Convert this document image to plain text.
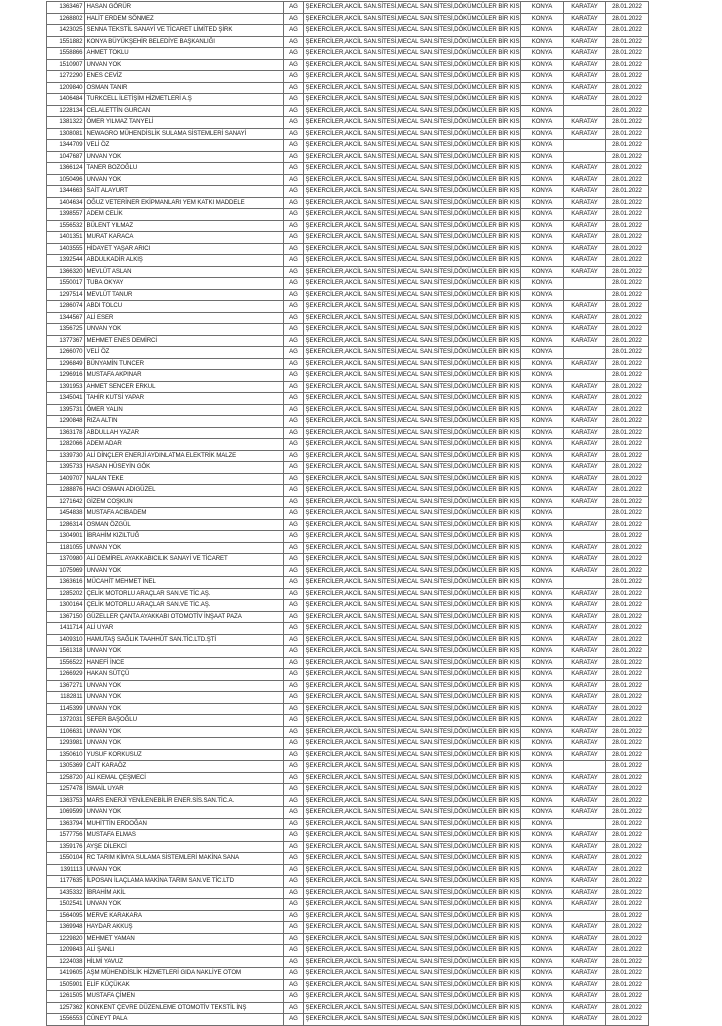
1363467	HASAN GÖRÜR	AG	ŞEKERCİLER,AKCİL SAN.SİTESİ,MECAL SAN.SİTESİ,DÖKÜMCÜLER BİR KIS	KONYA	KARATAY	28.01.2022
1268802	HALİT ERDEM SÖNMEZ	AG	ŞEKERCİLER,AKCİL SAN.SİTESİ,MECAL SAN.SİTESİ,DÖKÜMCÜLER BİR KIS	KONYA	KARATAY	28.01.2022
1423025	SENNA TEKSTİL SANAYİ VE TİCARET LİMİTED ŞİRK	AG	ŞEKERCİLER,AKCİL SAN.SİTESİ,MECAL SAN.SİTESİ,DÖKÜMCÜLER BİR KIS	KONYA	KARATAY	28.01.2022
1551882	KONYA BÜYÜKŞEHİR BELEDİYE BAŞKANLIĞI	AG	ŞEKERCİLER,AKCİL SAN.SİTESİ,MECAL SAN.SİTESİ,DÖKÜMCÜLER BİR KIS	KONYA	KARATAY	28.01.2022
1558866	AHMET TOKLU	AG	ŞEKERCİLER,AKCİL SAN.SİTESİ,MECAL SAN.SİTESİ,DÖKÜMCÜLER BİR KIS	KONYA	KARATAY	28.01.2022
1510907	UNVAN YOK	AG	ŞEKERCİLER,AKCİL SAN.SİTESİ,MECAL SAN.SİTESİ,DÖKÜMCÜLER BİR KIS	KONYA	KARATAY	28.01.2022
1272290	ENES CEVİZ	AG	ŞEKERCİLER,AKCİL SAN.SİTESİ,MECAL SAN.SİTESİ,DÖKÜMCÜLER BİR KIS	KONYA	KARATAY	28.01.2022
1209840	OSMAN TANIR	AG	ŞEKERCİLER,AKCİL SAN.SİTESİ,MECAL SAN.SİTESİ,DÖKÜMCÜLER BİR KIS	KONYA	KARATAY	28.01.2022
1406484	TURKCELL İLETİŞİM HİZMETLERİ A.Ş	AG	ŞEKERCİLER,AKCİL SAN.SİTESİ,MECAL SAN.SİTESİ,DÖKÜMCÜLER BİR KIS	KONYA	KARATAY	28.01.2022
1228134	CELALETTİN GURCAN	AG	ŞEKERCİLER,AKCİL SAN.SİTESİ,MECAL SAN.SİTESİ,DÖKÜMCÜLER BİR KIS	KONYA		28.01.2022
1381322	ÖMER YILMAZ TANYELİ	AG	ŞEKERCİLER,AKCİL SAN.SİTESİ,MECAL SAN.SİTESİ,DÖKÜMCÜLER BİR KIS	KONYA	KARATAY	28.01.2022
1308081	NEWAGRO MÜHENDİSLİK SULAMA SİSTEMLERİ SANAYİ	AG	ŞEKERCİLER,AKCİL SAN.SİTESİ,MECAL SAN.SİTESİ,DÖKÜMCÜLER BİR KIS	KONYA	KARATAY	28.01.2022
1344709	VELİ ÖZ	AG	ŞEKERCİLER,AKCİL SAN.SİTESİ,MECAL SAN.SİTESİ,DÖKÜMCÜLER BİR KIS	KONYA		28.01.2022
1047687	UNVAN YOK	AG	ŞEKERCİLER,AKCİL SAN.SİTESİ,MECAL SAN.SİTESİ,DÖKÜMCÜLER BİR KIS	KONYA		28.01.2022
1366124	TANER BOZOĞLU	AG	ŞEKERCİLER,AKCİL SAN.SİTESİ,MECAL SAN.SİTESİ,DÖKÜMCÜLER BİR KIS	KONYA	KARATAY	28.01.2022
1050496	UNVAN YOK	AG	ŞEKERCİLER,AKCİL SAN.SİTESİ,MECAL SAN.SİTESİ,DÖKÜMCÜLER BİR KIS	KONYA	KARATAY	28.01.2022
1344663	SAİT ALAYURT	AG	ŞEKERCİLER,AKCİL SAN.SİTESİ,MECAL SAN.SİTESİ,DÖKÜMCÜLER BİR KIS	KONYA	KARATAY	28.01.2022
1404634	OĞUZ VETERİNER EKİPMANLARI YEM KATKI MADDELE	AG	ŞEKERCİLER,AKCİL SAN.SİTESİ,MECAL SAN.SİTESİ,DÖKÜMCÜLER BİR KIS	KONYA	KARATAY	28.01.2022
1398557	ADEM CELİK	AG	ŞEKERCİLER,AKCİL SAN.SİTESİ,MECAL SAN.SİTESİ,DÖKÜMCÜLER BİR KIS	KONYA	KARATAY	28.01.2022
1556532	BÜLENT YILMAZ	AG	ŞEKERCİLER,AKCİL SAN.SİTESİ,MECAL SAN.SİTESİ,DÖKÜMCÜLER BİR KIS	KONYA	KARATAY	28.01.2022
1401351	MURAT KARACA	AG	ŞEKERCİLER,AKCİL SAN.SİTESİ,MECAL SAN.SİTESİ,DÖKÜMCÜLER BİR KIS	KONYA	KARATAY	28.01.2022
1403555	HİDAYET YAŞAR ARICI	AG	ŞEKERCİLER,AKCİL SAN.SİTESİ,MECAL SAN.SİTESİ,DÖKÜMCÜLER BİR KIS	KONYA	KARATAY	28.01.2022
1392544	ABDULKADİR ALKIŞ	AG	ŞEKERCİLER,AKCİL SAN.SİTESİ,MECAL SAN.SİTESİ,DÖKÜMCÜLER BİR KIS	KONYA	KARATAY	28.01.2022
1366320	MEVLÜT ASLAN	AG	ŞEKERCİLER,AKCİL SAN.SİTESİ,MECAL SAN.SİTESİ,DÖKÜMCÜLER BİR KIS	KONYA	KARATAY	28.01.2022
1550017	TUBA OKYAY	AG	ŞEKERCİLER,AKCİL SAN.SİTESİ,MECAL SAN.SİTESİ,DÖKÜMCÜLER BİR KIS	KONYA		28.01.2022
1297514	MEVLÜT TANUR	AG	ŞEKERCİLER,AKCİL SAN.SİTESİ,MECAL SAN.SİTESİ,DÖKÜMCÜLER BİR KIS	KONYA		28.01.2022
1286074	ABDI TOLCU	AG	ŞEKERCİLER,AKCİL SAN.SİTESİ,MECAL SAN.SİTESİ,DÖKÜMCÜLER BİR KIS	KONYA	KARATAY	28.01.2022
1344567	ALİ ESER	AG	ŞEKERCİLER,AKCİL SAN.SİTESİ,MECAL SAN.SİTESİ,DÖKÜMCÜLER BİR KIS	KONYA	KARATAY	28.01.2022
1356725	UNVAN YOK	AG	ŞEKERCİLER,AKCİL SAN.SİTESİ,MECAL SAN.SİTESİ,DÖKÜMCÜLER BİR KIS	KONYA	KARATAY	28.01.2022
1377367	MEHMET ENES DEMİRCİ	AG	ŞEKERCİLER,AKCİL SAN.SİTESİ,MECAL SAN.SİTESİ,DÖKÜMCÜLER BİR KIS	KONYA	KARATAY	28.01.2022
1266070	VELİ ÖZ	AG	ŞEKERCİLER,AKCİL SAN.SİTESİ,MECAL SAN.SİTESİ,DÖKÜMCÜLER BİR KIS	KONYA		28.01.2022
1296849	BÜNYAMİN TUNCER	AG	ŞEKERCİLER,AKCİL SAN.SİTESİ,MECAL SAN.SİTESİ,DÖKÜMCÜLER BİR KIS	KONYA	KARATAY	28.01.2022
1296916	MUSTAFA AKPINAR	AG	ŞEKERCİLER,AKCİL SAN.SİTESİ,MECAL SAN.SİTESİ,DÖKÜMCÜLER BİR KIS	KONYA		28.01.2022
1391953	AHMET SENCER ERKUL	AG	ŞEKERCİLER,AKCİL SAN.SİTESİ,MECAL SAN.SİTESİ,DÖKÜMCÜLER BİR KIS	KONYA	KARATAY	28.01.2022
1345041	TAHİR KUTSİ YAPAR	AG	ŞEKERCİLER,AKCİL SAN.SİTESİ,MECAL SAN.SİTESİ,DÖKÜMCÜLER BİR KIS	KONYA	KARATAY	28.01.2022
1395731	ÖMER YALIN	AG	ŞEKERCİLER,AKCİL SAN.SİTESİ,MECAL SAN.SİTESİ,DÖKÜMCÜLER BİR KIS	KONYA	KARATAY	28.01.2022
1290848	RIZA ALTIN	AG	ŞEKERCİLER,AKCİL SAN.SİTESİ,MECAL SAN.SİTESİ,DÖKÜMCÜLER BİR KIS	KONYA	KARATAY	28.01.2022
1363178	ABDULLAH YAZAR	AG	ŞEKERCİLER,AKCİL SAN.SİTESİ,MECAL SAN.SİTESİ,DÖKÜMCÜLER BİR KIS	KONYA	KARATAY	28.01.2022
1282066	ADEM ADAR	AG	ŞEKERCİLER,AKCİL SAN.SİTESİ,MECAL SAN.SİTESİ,DÖKÜMCÜLER BİR KIS	KONYA	KARATAY	28.01.2022
1339730	ALİ DİNÇLER ENERJİ AYDINLATMA ELEKTRİK MALZE	AG	ŞEKERCİLER,AKCİL SAN.SİTESİ,MECAL SAN.SİTESİ,DÖKÜMCÜLER BİR KIS	KONYA	KARATAY	28.01.2022
1395733	HASAN HÜSEYİN GÖK	AG	ŞEKERCİLER,AKCİL SAN.SİTESİ,MECAL SAN.SİTESİ,DÖKÜMCÜLER BİR KIS	KONYA	KARATAY	28.01.2022
1409707	NALAN TEKE	AG	ŞEKERCİLER,AKCİL SAN.SİTESİ,MECAL SAN.SİTESİ,DÖKÜMCÜLER BİR KIS	KONYA	KARATAY	28.01.2022
1288876	HACI OSMAN ADIGÜZEL	AG	ŞEKERCİLER,AKCİL SAN.SİTESİ,MECAL SAN.SİTESİ,DÖKÜMCÜLER BİR KIS	KONYA	KARATAY	28.01.2022
1271642	GİZEM COŞKUN	AG	ŞEKERCİLER,AKCİL SAN.SİTESİ,MECAL SAN.SİTESİ,DÖKÜMCÜLER BİR KIS	KONYA	KARATAY	28.01.2022
1454838	MUSTAFA ACIBADEM	AG	ŞEKERCİLER,AKCİL SAN.SİTESİ,MECAL SAN.SİTESİ,DÖKÜMCÜLER BİR KIS	KONYA		28.01.2022
1286314	OSMAN ÖZGÜL	AG	ŞEKERCİLER,AKCİL SAN.SİTESİ,MECAL SAN.SİTESİ,DÖKÜMCÜLER BİR KIS	KONYA	KARATAY	28.01.2022
1304901	İBRAHİM KIZILTUĞ	AG	ŞEKERCİLER,AKCİL SAN.SİTESİ,MECAL SAN.SİTESİ,DÖKÜMCÜLER BİR KIS	KONYA		28.01.2022
1181055	UNVAN YOK	AG	ŞEKERCİLER,AKCİL SAN.SİTESİ,MECAL SAN.SİTESİ,DÖKÜMCÜLER BİR KIS	KONYA	KARATAY	28.01.2022
1370980	ALİ DEMİREL AYAKKABICILIK SANAYİ VE TİCARET	AG	ŞEKERCİLER,AKCİL SAN.SİTESİ,MECAL SAN.SİTESİ,DÖKÜMCÜLER BİR KIS	KONYA	KARATAY	28.01.2022
1075969	UNVAN YOK	AG	ŞEKERCİLER,AKCİL SAN.SİTESİ,MECAL SAN.SİTESİ,DÖKÜMCÜLER BİR KIS	KONYA	KARATAY	28.01.2022
1363616	MÜCAHİT MEHMET İNEL	AG	ŞEKERCİLER,AKCİL SAN.SİTESİ,MECAL SAN.SİTESİ,DÖKÜMCÜLER BİR KIS	KONYA		28.01.2022
1285202	ÇELİK MOTORLU ARAÇLAR SAN.VE TİC.AŞ.	AG	ŞEKERCİLER,AKCİL SAN.SİTESİ,MECAL SAN.SİTESİ,DÖKÜMCÜLER BİR KIS	KONYA	KARATAY	28.01.2022
1300164	ÇELİK MOTORLU ARAÇLAR SAN.VE TİC.AŞ.	AG	ŞEKERCİLER,AKCİL SAN.SİTESİ,MECAL SAN.SİTESİ,DÖKÜMCÜLER BİR KIS	KONYA	KARATAY	28.01.2022
1367150	GÜZELLER ÇANTA AYAKKABI OTOMOTİV İNŞAAT PAZA	AG	ŞEKERCİLER,AKCİL SAN.SİTESİ,MECAL SAN.SİTESİ,DÖKÜMCÜLER BİR KIS	KONYA	KARATAY	28.01.2022
1411714	ALİ UYAR	AG	ŞEKERCİLER,AKCİL SAN.SİTESİ,MECAL SAN.SİTESİ,DÖKÜMCÜLER BİR KIS	KONYA	KARATAY	28.01.2022
1409310	HAMUTAŞ SAĞLIK TAAHHÜT SAN.TİC.LTD.ŞTİ	AG	ŞEKERCİLER,AKCİL SAN.SİTESİ,MECAL SAN.SİTESİ,DÖKÜMCÜLER BİR KIS	KONYA	KARATAY	28.01.2022
1561318	UNVAN YOK	AG	ŞEKERCİLER,AKCİL SAN.SİTESİ,MECAL SAN.SİTESİ,DÖKÜMCÜLER BİR KIS	KONYA	KARATAY	28.01.2022
1556522	HANEFİ İNCE	AG	ŞEKERCİLER,AKCİL SAN.SİTESİ,MECAL SAN.SİTESİ,DÖKÜMCÜLER BİR KIS	KONYA	KARATAY	28.01.2022
1266929	HAKAN SÜTÇÜ	AG	ŞEKERCİLER,AKCİL SAN.SİTESİ,MECAL SAN.SİTESİ,DÖKÜMCÜLER BİR KIS	KONYA	KARATAY	28.01.2022
1367271	UNVAN YOK	AG	ŞEKERCİLER,AKCİL SAN.SİTESİ,MECAL SAN.SİTESİ,DÖKÜMCÜLER BİR KIS	KONYA	KARATAY	28.01.2022
1182811	UNVAN YOK	AG	ŞEKERCİLER,AKCİL SAN.SİTESİ,MECAL SAN.SİTESİ,DÖKÜMCÜLER BİR KIS	KONYA	KARATAY	28.01.2022
1145399	UNVAN YOK	AG	ŞEKERCİLER,AKCİL SAN.SİTESİ,MECAL SAN.SİTESİ,DÖKÜMCÜLER BİR KIS	KONYA	KARATAY	28.01.2022
1372031	SEFER BAŞOĞLU	AG	ŞEKERCİLER,AKCİL SAN.SİTESİ,MECAL SAN.SİTESİ,DÖKÜMCÜLER BİR KIS	KONYA	KARATAY	28.01.2022
1106631	UNVAN YOK	AG	ŞEKERCİLER,AKCİL SAN.SİTESİ,MECAL SAN.SİTESİ,DÖKÜMCÜLER BİR KIS	KONYA	KARATAY	28.01.2022
1293981	UNVAN YOK	AG	ŞEKERCİLER,AKCİL SAN.SİTESİ,MECAL SAN.SİTESİ,DÖKÜMCÜLER BİR KIS	KONYA	KARATAY	28.01.2022
1350610	YUSUF KORKUSUZ	AG	ŞEKERCİLER,AKCİL SAN.SİTESİ,MECAL SAN.SİTESİ,DÖKÜMCÜLER BİR KIS	KONYA	KARATAY	28.01.2022
1305369	CAİT KARAÖZ	AG	ŞEKERCİLER,AKCİL SAN.SİTESİ,MECAL SAN.SİTESİ,DÖKÜMCÜLER BİR KIS	KONYA		28.01.2022
1258720	ALİ KEMAL ÇEŞMECİ	AG	ŞEKERCİLER,AKCİL SAN.SİTESİ,MECAL SAN.SİTESİ,DÖKÜMCÜLER BİR KIS	KONYA	KARATAY	28.01.2022
1257478	İSMAİL UYAR	AG	ŞEKERCİLER,AKCİL SAN.SİTESİ,MECAL SAN.SİTESİ,DÖKÜMCÜLER BİR KIS	KONYA	KARATAY	28.01.2022
1363753	MARS ENERJİ YENİLENEBİLİR ENER.SİS.SAN.TİC.A.	AG	ŞEKERCİLER,AKCİL SAN.SİTESİ,MECAL SAN.SİTESİ,DÖKÜMCÜLER BİR KIS	KONYA	KARATAY	28.01.2022
1069599	UNVAN YOK	AG	ŞEKERCİLER,AKCİL SAN.SİTESİ,MECAL SAN.SİTESİ,DÖKÜMCÜLER BİR KIS	KONYA	KARATAY	28.01.2022
1363794	MUHİTTİN ERDOĞAN	AG	ŞEKERCİLER,AKCİL SAN.SİTESİ,MECAL SAN.SİTESİ,DÖKÜMCÜLER BİR KIS	KONYA		28.01.2022
1577756	MUSTAFA ELMAS	AG	ŞEKERCİLER,AKCİL SAN.SİTESİ,MECAL SAN.SİTESİ,DÖKÜMCÜLER BİR KIS	KONYA	KARATAY	28.01.2022
1359176	AYŞE DİLEKCİ	AG	ŞEKERCİLER,AKCİL SAN.SİTESİ,MECAL SAN.SİTESİ,DÖKÜMCÜLER BİR KIS	KONYA	KARATAY	28.01.2022
1550104	RC TARIM KİMYA SULAMA SİSTEMLERİ MAKİNA SANA	AG	ŞEKERCİLER,AKCİL SAN.SİTESİ,MECAL SAN.SİTESİ,DÖKÜMCÜLER BİR KIS	KONYA	KARATAY	28.01.2022
1391113	UNVAN YOK	AG	ŞEKERCİLER,AKCİL SAN.SİTESİ,MECAL SAN.SİTESİ,DÖKÜMCÜLER BİR KIS	KONYA	KARATAY	28.01.2022
1177635	İLPOSAN İLAÇLAMA MAKİNA TARIM SAN.VE TİC.LTD	AG	ŞEKERCİLER,AKCİL SAN.SİTESİ,MECAL SAN.SİTESİ,DÖKÜMCÜLER BİR KIS	KONYA	KARATAY	28.01.2022
1435332	İBRAHİM AKİL	AG	ŞEKERCİLER,AKCİL SAN.SİTESİ,MECAL SAN.SİTESİ,DÖKÜMCÜLER BİR KIS	KONYA	KARATAY	28.01.2022
1502541	UNVAN YOK	AG	ŞEKERCİLER,AKCİL SAN.SİTESİ,MECAL SAN.SİTESİ,DÖKÜMCÜLER BİR KIS	KONYA	KARATAY	28.01.2022
1564095	MERVE KARAKARA	AG	ŞEKERCİLER,AKCİL SAN.SİTESİ,MECAL SAN.SİTESİ,DÖKÜMCÜLER BİR KIS	KONYA		28.01.2022
1369948	HAYDAR AKKUŞ	AG	ŞEKERCİLER,AKCİL SAN.SİTESİ,MECAL SAN.SİTESİ,DÖKÜMCÜLER BİR KIS	KONYA	KARATAY	28.01.2022
1229820	MEHMET YAMAN	AG	ŞEKERCİLER,AKCİL SAN.SİTESİ,MECAL SAN.SİTESİ,DÖKÜMCÜLER BİR KIS	KONYA	KARATAY	28.01.2022
1209843	ALİ ŞANLI	AG	ŞEKERCİLER,AKCİL SAN.SİTESİ,MECAL SAN.SİTESİ,DÖKÜMCÜLER BİR KIS	KONYA	KARATAY	28.01.2022
1224038	HİLMİ YAVUZ	AG	ŞEKERCİLER,AKCİL SAN.SİTESİ,MECAL SAN.SİTESİ,DÖKÜMCÜLER BİR KIS	KONYA	KARATAY	28.01.2022
1419605	AŞM MÜHENDİSLİK HİZMETLERİ GIDA NAKLİYE OTOM	AG	ŞEKERCİLER,AKCİL SAN.SİTESİ,MECAL SAN.SİTESİ,DÖKÜMCÜLER BİR KIS	KONYA	KARATAY	28.01.2022
1505901	ELİF KÜÇÜKAK	AG	ŞEKERCİLER,AKCİL SAN.SİTESİ,MECAL SAN.SİTESİ,DÖKÜMCÜLER BİR KIS	KONYA	KARATAY	28.01.2022
1261505	MUSTAFA ÇİMEN	AG	ŞEKERCİLER,AKCİL SAN.SİTESİ,MECAL SAN.SİTESİ,DÖKÜMCÜLER BİR KIS	KONYA	KARATAY	28.01.2022
1257362	KONKENT ÇEVRE DÜZENLEME OTOMOTİV TEKSTİL İNŞ	AG	ŞEKERCİLER,AKCİL SAN.SİTESİ,MECAL SAN.SİTESİ,DÖKÜMCÜLER BİR KIS	KONYA	KARATAY	28.01.2022
1556553	CÜNEYT PALA	AG	ŞEKERCİLER,AKCİL SAN.SİTESİ,MECAL SAN.SİTESİ,DÖKÜMCÜLER BİR KIS	KONYA	KARATAY	28.01.2022
